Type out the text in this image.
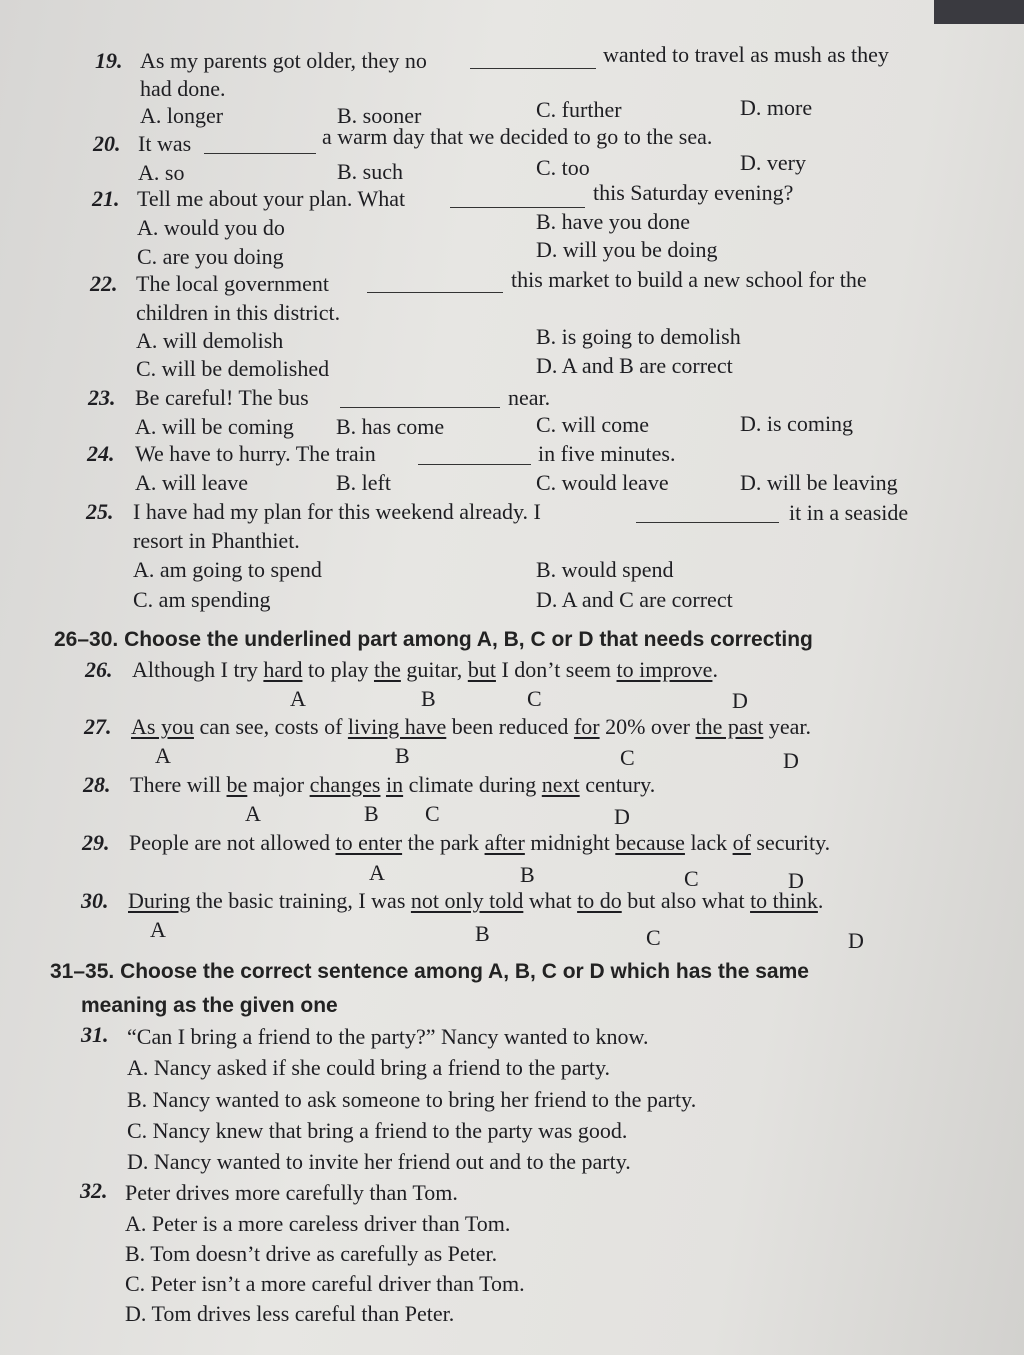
19. As my parents got older, they no	wanted to travel as mush as they
had done.
A. longer	B. sooner	C. further	D. more
20. It was	a warm day that we decided to go to the sea.
A. so	B. such	C. too	D. very
21. Tell me about your plan. What	this Saturday evening?
A. would you do	B. have you done
C. are you doing	D. will you be doing
22. The local government	this market to build a new school for the
children in this district.
A. will demolish	B. is going to demolish
C. will be demolished	D. A and B are correct
23. Be careful! The bus	near.
A. will be coming B. has come	C. will come	D. is coming
24. We have to hurry. The train	in five minutes.
A. will leave	B. left	C. would leave	D. will be leaving
25. I have had my plan for this weekend already. I	it in a seaside
resort in Phanthiet.
A. am going to spend	B. would spend
C. am spending	D. A and C are correct
26–30. Choose the underlined part among A, B, C or D that needs correcting
26. Although I try hard to play the guitar, but I don’t seem to improve.
A	B	C	D
27. As you can see, costs of living have been reduced for 20% over the past year.
A	B	C	D
28. There will be major changes in climate during next century.
A	B C	D
29. People are not allowed to enter the park after midnight because lack of security.
A	B	C	D
30. During the basic training, I was not only told what to do but also what to think.
A	B	C	D
31–35. Choose the correct sentence among A, B, C or D which has the same
meaning as the given one
31. “Can I bring a friend to the party?” Nancy wanted to know.
A. Nancy asked if she could bring a friend to the party.
B. Nancy wanted to ask someone to bring her friend to the party.
C. Nancy knew that bring a friend to the party was good.
D. Nancy wanted to invite her friend out and to the party.
32. Peter drives more carefully than Tom.
A. Peter is a more careless driver than Tom.
B. Tom doesn’t drive as carefully as Peter.
C. Peter isn’t a more careful driver than Tom.
D. Tom drives less careful than Peter.
